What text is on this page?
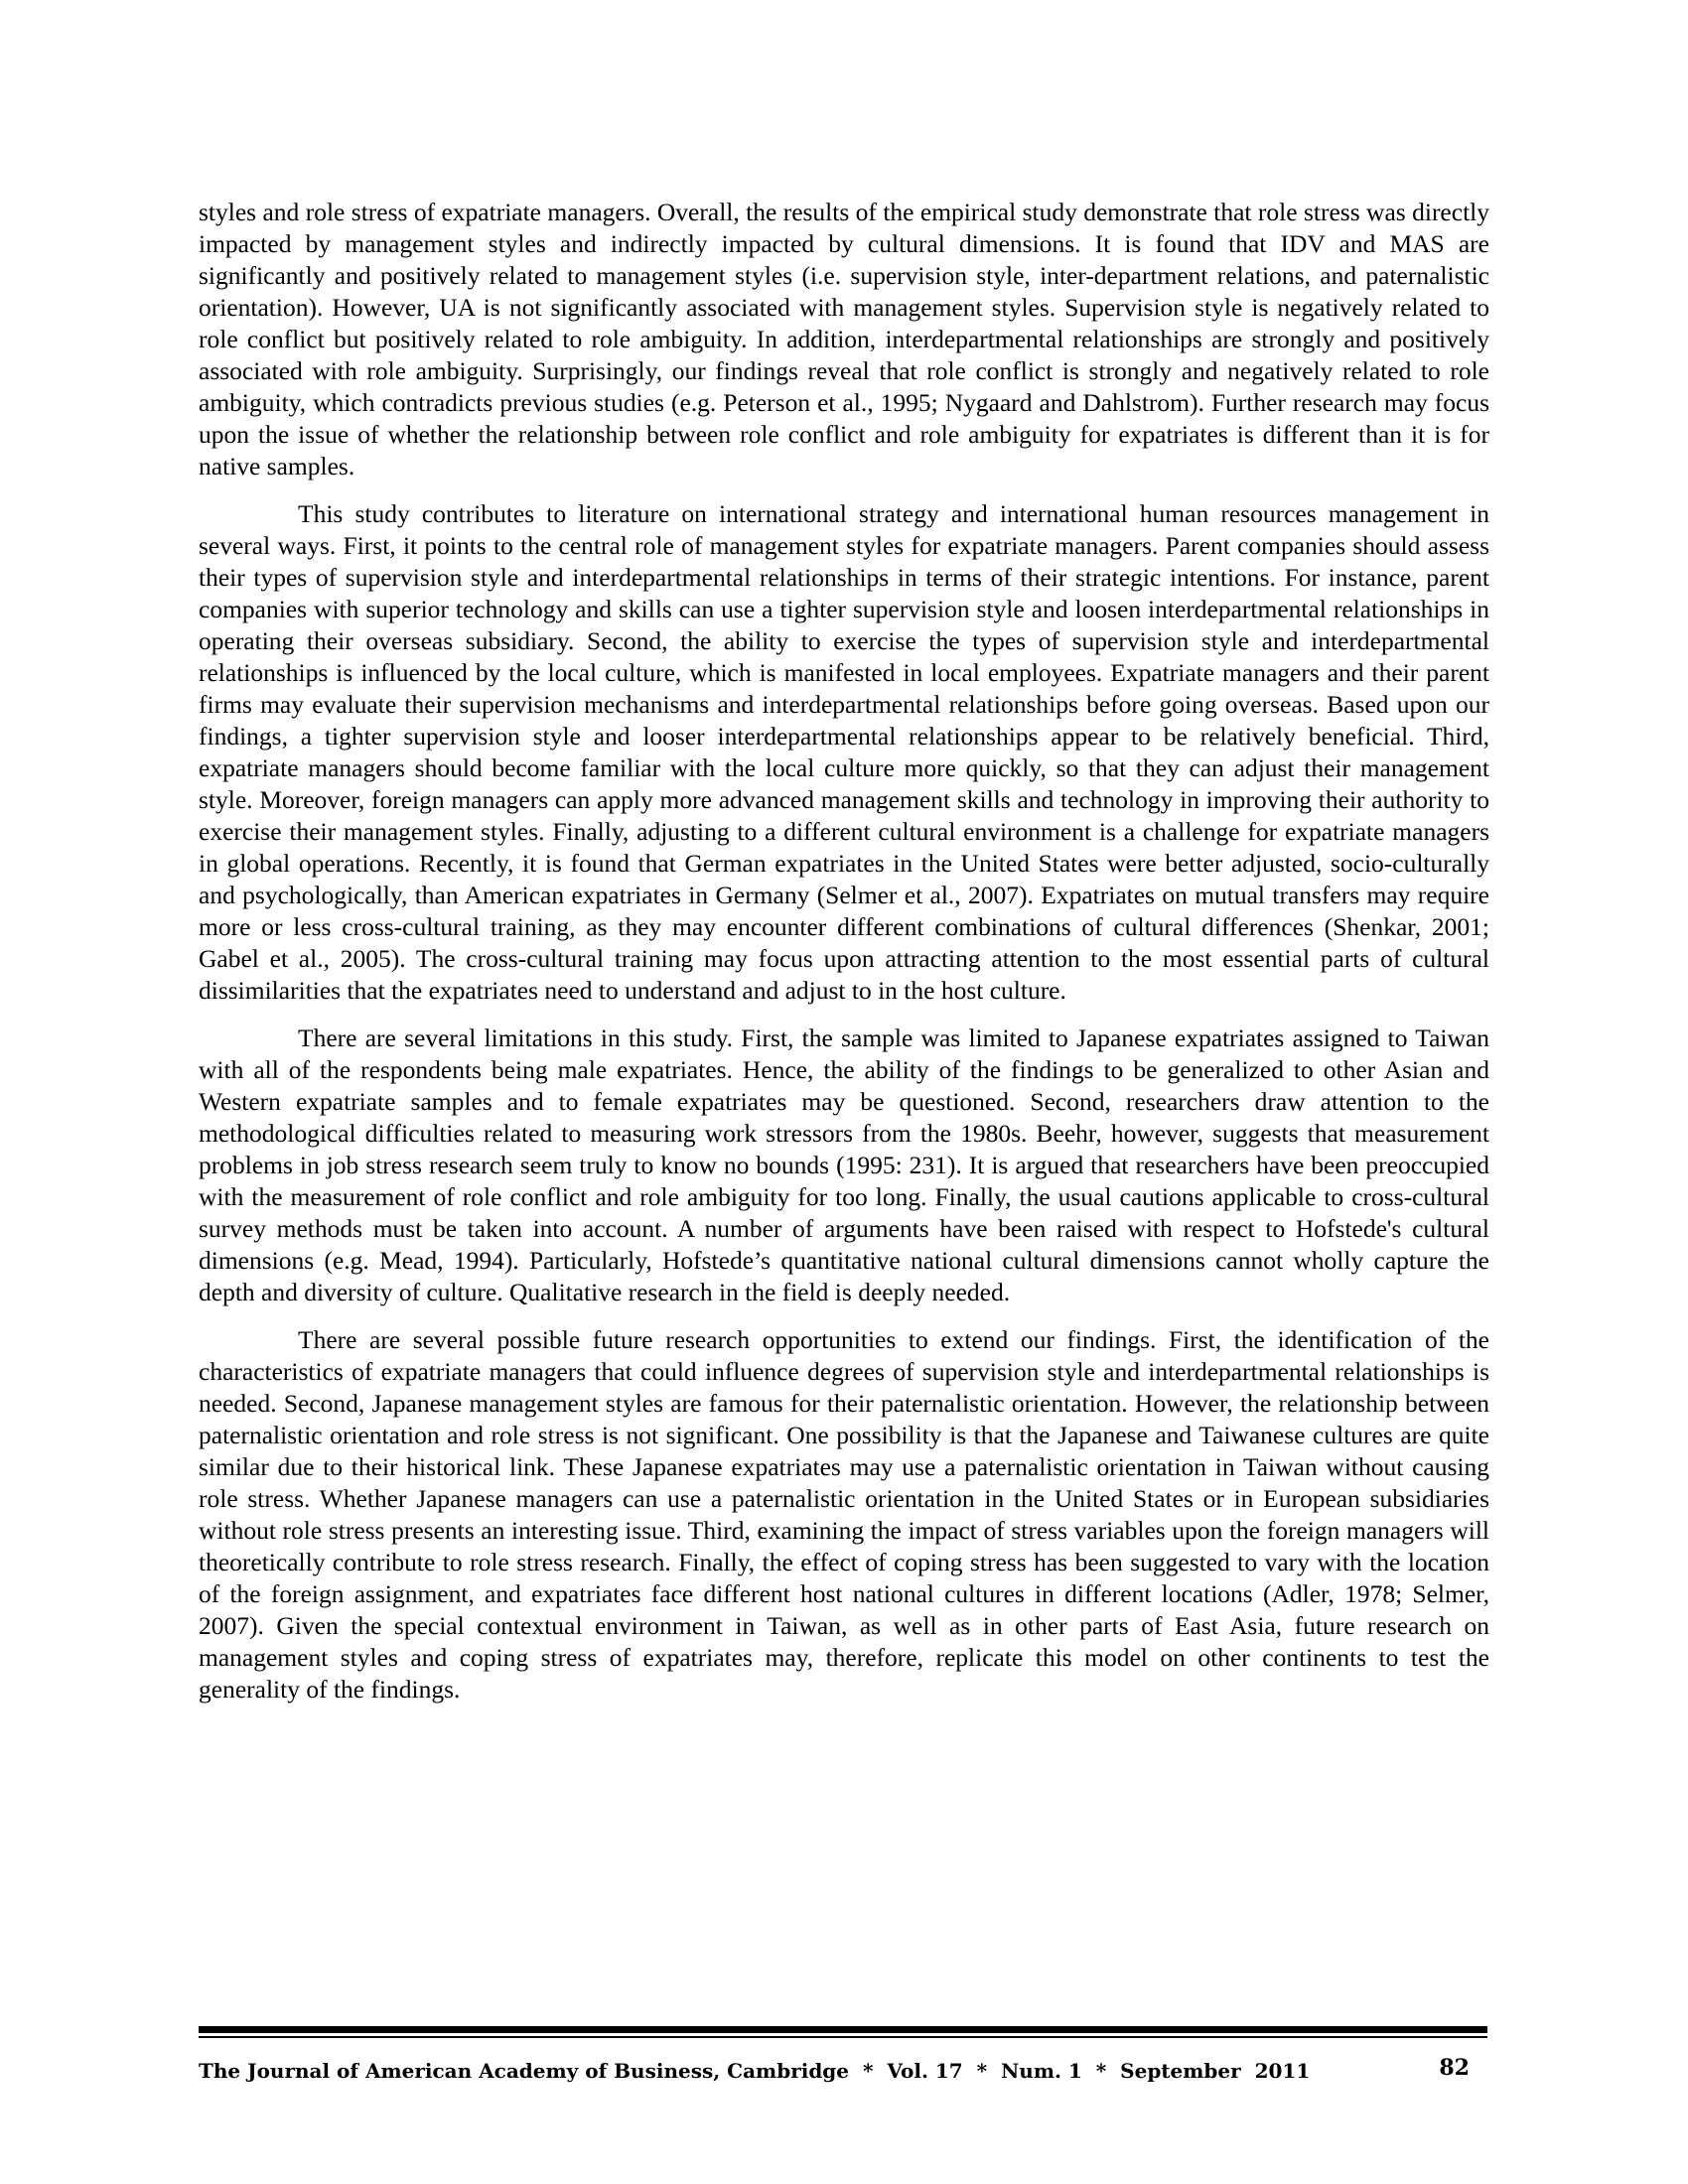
styles and role stress of expatriate managers. Overall, the results of the empirical study demonstrate that role stress was directly impacted by management styles and indirectly impacted by cultural dimensions. It is found that IDV and MAS are significantly and positively related to management styles (i.e. supervision style, inter-department relations, and paternalistic orientation). However, UA is not significantly associated with management styles. Supervision style is negatively related to role conflict but positively related to role ambiguity. In addition, interdepartmental relationships are strongly and positively associated with role ambiguity. Surprisingly, our findings reveal that role conflict is strongly and negatively related to role ambiguity, which contradicts previous studies (e.g. Peterson et al., 1995; Nygaard and Dahlstrom). Further research may focus upon the issue of whether the relationship between role conflict and role ambiguity for expatriates is different than it is for native samples.

This study contributes to literature on international strategy and international human resources management in several ways. First, it points to the central role of management styles for expatriate managers. Parent companies should assess their types of supervision style and interdepartmental relationships in terms of their strategic intentions. For instance, parent companies with superior technology and skills can use a tighter supervision style and loosen interdepartmental relationships in operating their overseas subsidiary. Second, the ability to exercise the types of supervision style and interdepartmental relationships is influenced by the local culture, which is manifested in local employees. Expatriate managers and their parent firms may evaluate their supervision mechanisms and interdepartmental relationships before going overseas. Based upon our findings, a tighter supervision style and looser interdepartmental relationships appear to be relatively beneficial. Third, expatriate managers should become familiar with the local culture more quickly, so that they can adjust their management style. Moreover, foreign managers can apply more advanced management skills and technology in improving their authority to exercise their management styles. Finally, adjusting to a different cultural environment is a challenge for expatriate managers in global operations. Recently, it is found that German expatriates in the United States were better adjusted, socio-culturally and psychologically, than American expatriates in Germany (Selmer et al., 2007). Expatriates on mutual transfers may require more or less cross-cultural training, as they may encounter different combinations of cultural differences (Shenkar, 2001; Gabel et al., 2005). The cross-cultural training may focus upon attracting attention to the most essential parts of cultural dissimilarities that the expatriates need to understand and adjust to in the host culture.

There are several limitations in this study. First, the sample was limited to Japanese expatriates assigned to Taiwan with all of the respondents being male expatriates. Hence, the ability of the findings to be generalized to other Asian and Western expatriate samples and to female expatriates may be questioned. Second, researchers draw attention to the methodological difficulties related to measuring work stressors from the 1980s. Beehr, however, suggests that measurement problems in job stress research seem truly to know no bounds (1995: 231). It is argued that researchers have been preoccupied with the measurement of role conflict and role ambiguity for too long. Finally, the usual cautions applicable to cross-cultural survey methods must be taken into account. A number of arguments have been raised with respect to Hofstede's cultural dimensions (e.g. Mead, 1994). Particularly, Hofstede’s quantitative national cultural dimensions cannot wholly capture the depth and diversity of culture. Qualitative research in the field is deeply needed.

There are several possible future research opportunities to extend our findings. First, the identification of the characteristics of expatriate managers that could influence degrees of supervision style and interdepartmental relationships is needed. Second, Japanese management styles are famous for their paternalistic orientation. However, the relationship between paternalistic orientation and role stress is not significant. One possibility is that the Japanese and Taiwanese cultures are quite similar due to their historical link. These Japanese expatriates may use a paternalistic orientation in Taiwan without causing role stress. Whether Japanese managers can use a paternalistic orientation in the United States or in European subsidiaries without role stress presents an interesting issue. Third, examining the impact of stress variables upon the foreign managers will theoretically contribute to role stress research. Finally, the effect of coping stress has been suggested to vary with the location of the foreign assignment, and expatriates face different host national cultures in different locations (Adler, 1978; Selmer, 2007). Given the special contextual environment in Taiwan, as well as in other parts of East Asia, future research on management styles and coping stress of expatriates may, therefore, replicate this model on other continents to test the generality of the findings.

The Journal of American Academy of Business, Cambridge  *  Vol. 17  *  Num. 1  *  September  2011	82
